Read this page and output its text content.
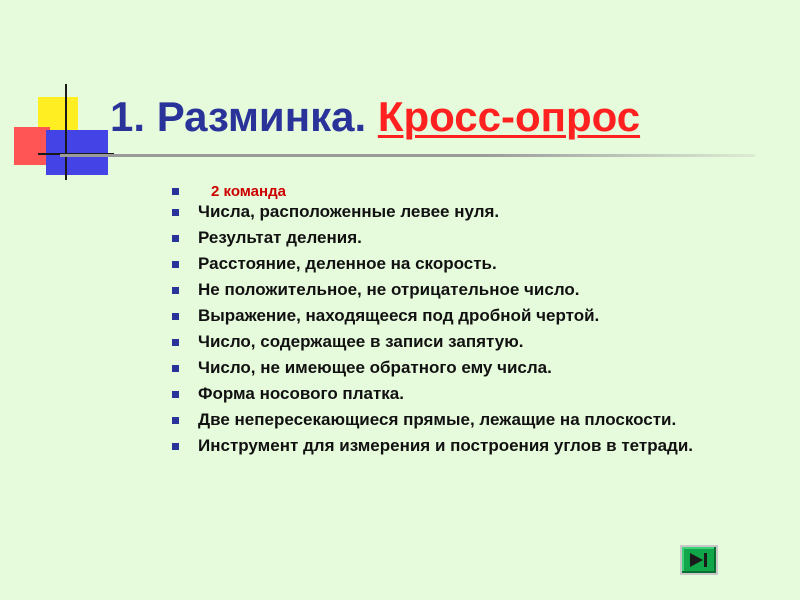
1. Разминка. Кросс-опрос
2 команда
Числа, расположенные левее нуля.
Результат деления.
Расстояние, деленное на скорость.
Не положительное, не отрицательное число.
Выражение, находящееся под дробной чертой.
Число, содержащее в записи запятую.
Число, не имеющее обратного ему числа.
Форма носового платка.
Две непересекающиеся прямые, лежащие на плоскости.
Инструмент для измерения и построения углов в тетради.
